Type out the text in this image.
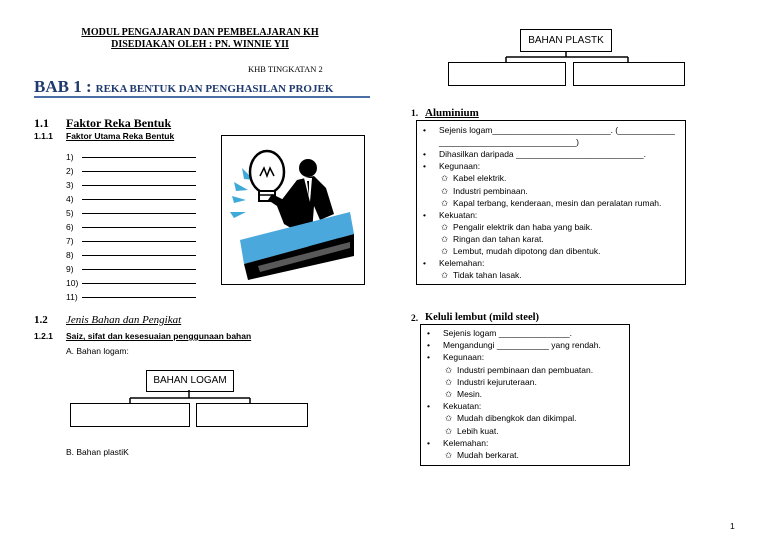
MODUL PENGAJARAN DAN PEMBELAJARAN KH
DISEDIAKAN OLEH : PN. WINNIE YII
KHB TINGKATAN 2
BAB 1 : REKA BENTUK DAN PENGHASILAN PROJEK
1.1 Faktor Reka Bentuk
1.1.1 Faktor Utama Reka Bentuk
1)
2)
3)
4)
5)
6)
7)
8)
9)
10)
11)
1.2 Jenis Bahan dan Pengikat
1.2.1 Saiz, sifat dan kesesuaian penggunaan bahan
A. Bahan logam:
BAHAN LOGAM
B. Bahan plastiK
BAHAN PLASTK
1. Aluminium
• Sejenis logam_________________________. (____________
_____________________________)
• Dihasilkan daripada ___________________________.
• Kegunaan:
✩ Kabel elektrik.
✩ Industri pembinaan.
✩ Kapal terbang, kenderaan, mesin dan peralatan rumah.
• Kekuatan:
✩ Pengalir elektrik dan haba yang baik.
✩ Ringan dan tahan karat.
✩ Lembut, mudah dipotong dan dibentuk.
• Kelemahan:
✩ Tidak tahan lasak.
2. Keluli lembut (mild steel)
• Sejenis logam _______________.
• Mengandungi ___________ yang rendah.
• Kegunaan:
✩ Industri pembinaan dan pembuatan.
✩ Industri kejuruteraan.
✩ Mesin.
• Kekuatan:
✩ Mudah dibengkok dan dikimpal.
✩ Lebih kuat.
• Kelemahan:
✩ Mudah berkarat.
1
